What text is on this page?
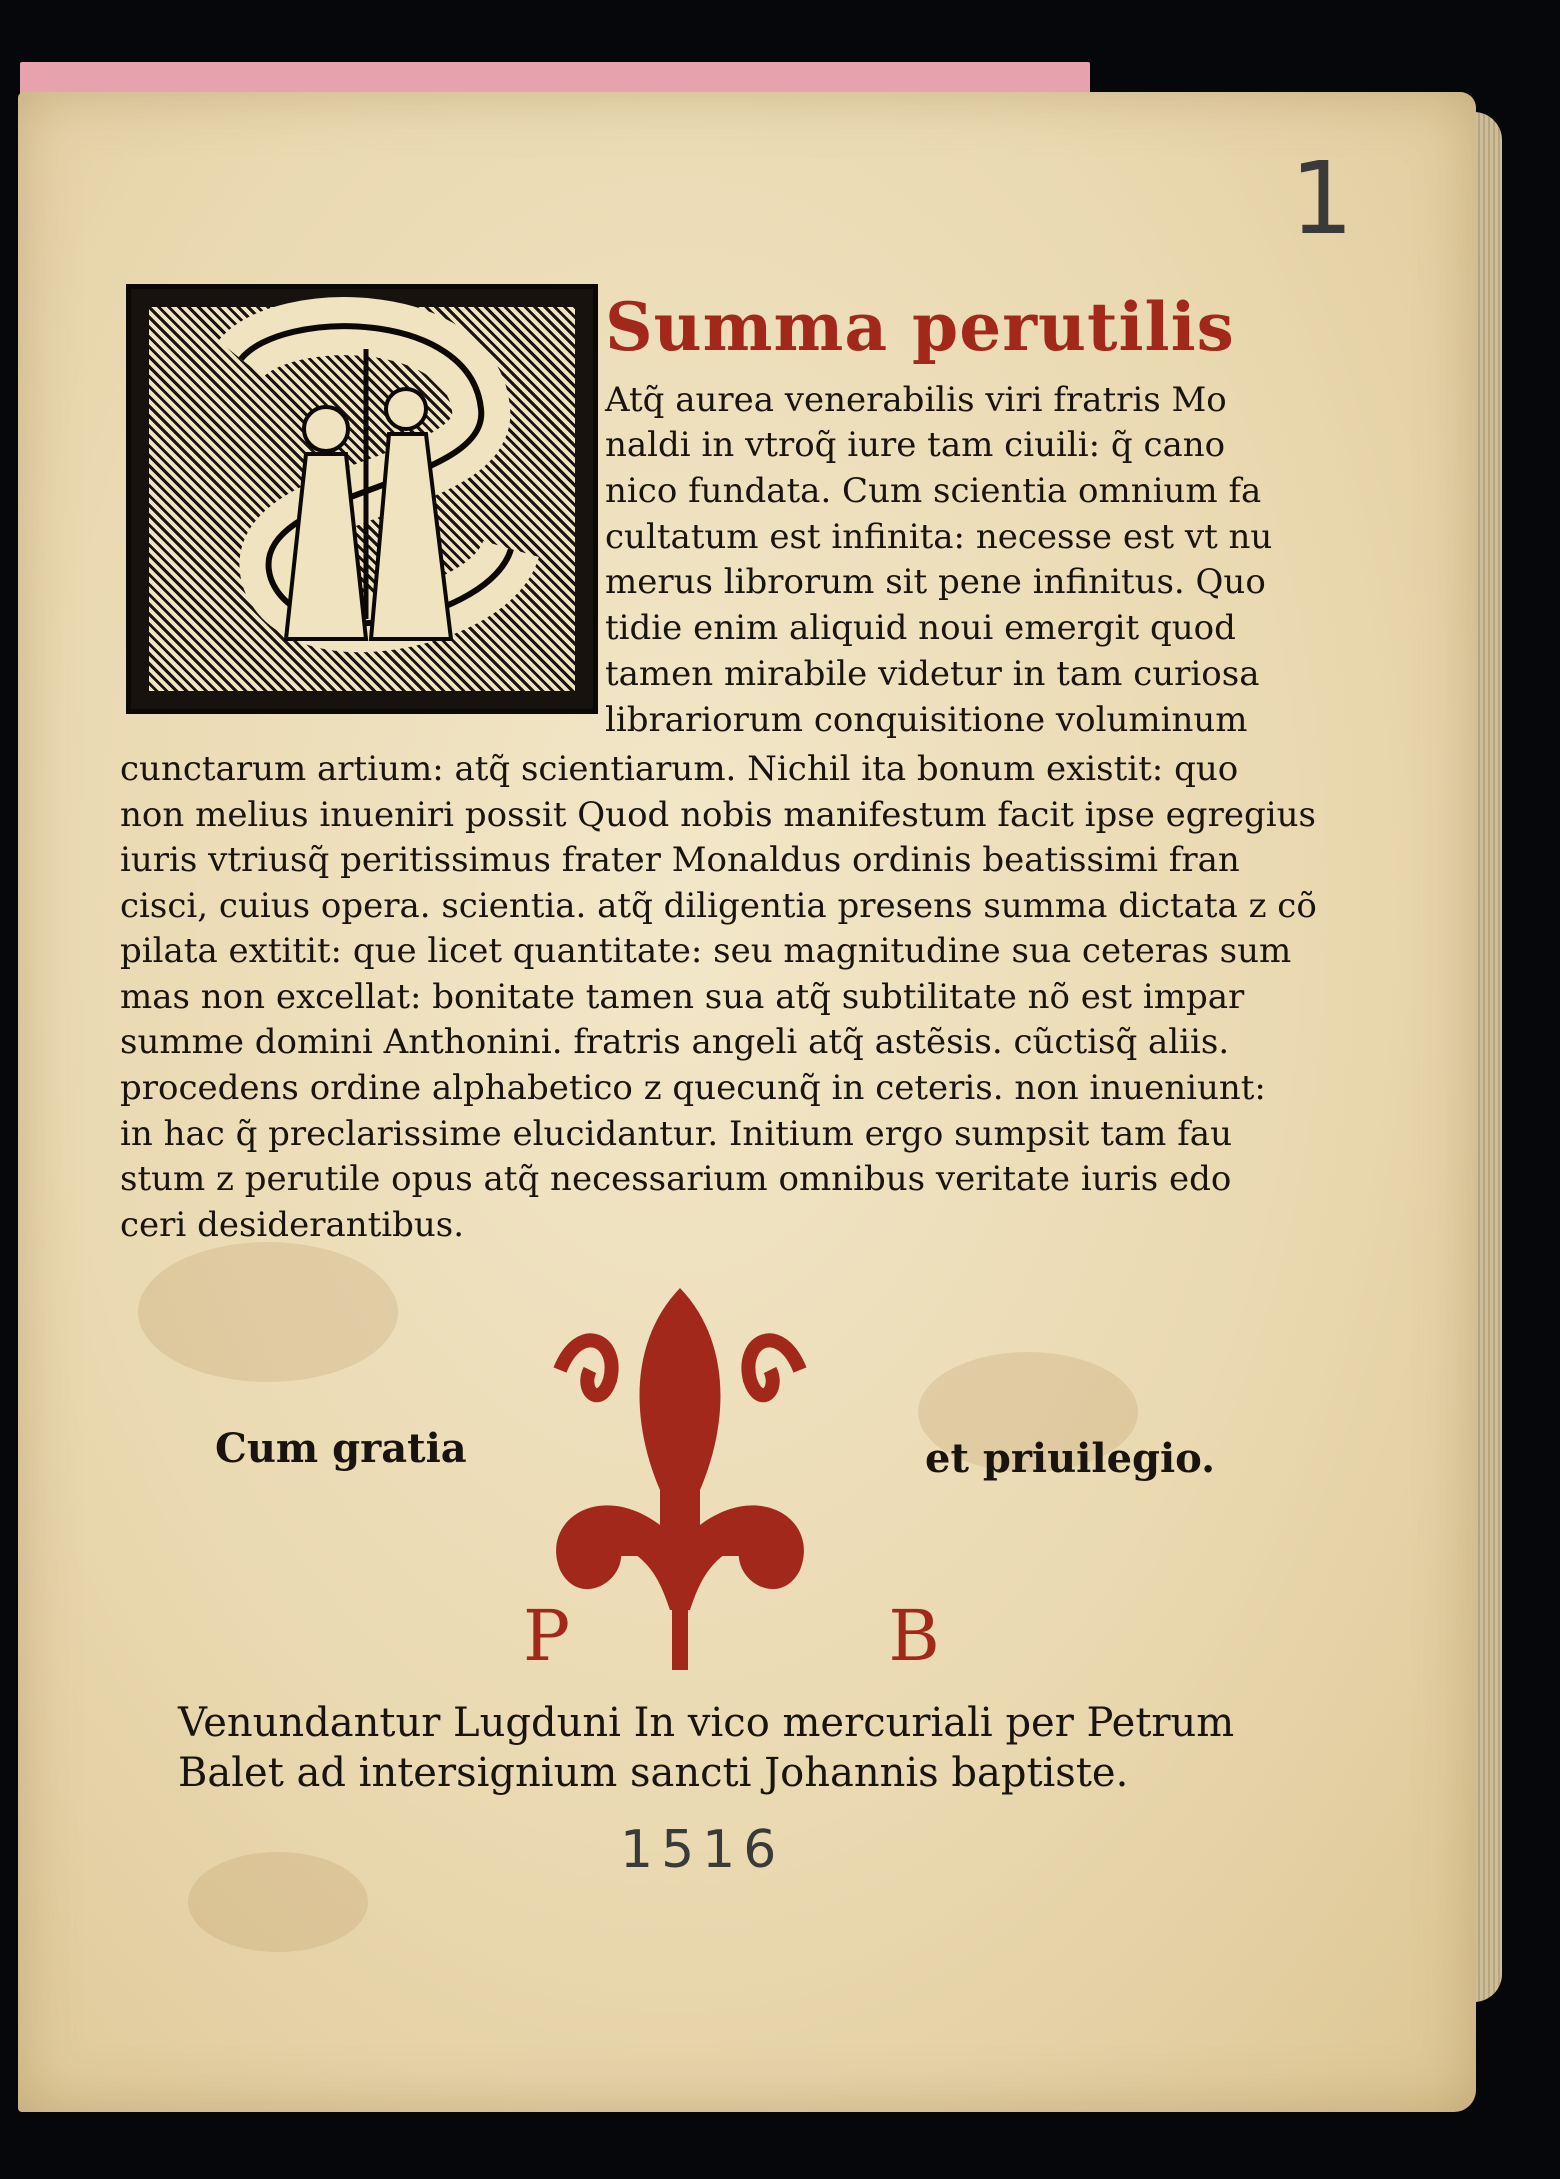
1
Summa perutilis
Atq̃ aurea venerabilis viri fratris Mo
naldi in vtroq̃ iure tam ciuili: q̃ cano
nico fundata. Cum scientia omnium fa
cultatum est infinita: necesse est vt nu
merus librorum sit pene infinitus. Quo
tidie enim aliquid noui emergit quod
tamen mirabile videtur in tam curiosa
librariorum conquisitione voluminum
cunctarum artium: atq̃ scientiarum. Nichil ita bonum existit: quo
non melius inueniri possit Quod nobis manifestum facit ipse egregius
iuris vtriusq̃ peritissimus frater Monaldus ordinis beatissimi fran
cisci, cuius opera. scientia. atq̃ diligentia presens summa dictata z cõ
pilata extitit: que licet quantitate: seu magnitudine sua ceteras sum
mas non excellat: bonitate tamen sua atq̃ subtilitate nõ est impar
summe domini Anthonini. fratris angeli atq̃ astẽsis. cũctisq̃ aliis.
procedens ordine alphabetico z quecunq̃ in ceteris. non inueniunt:
in hac q̃ preclarissime elucidantur. Initium ergo sumpsit tam fau
stum z perutile opus atq̃ necessarium omnibus veritate iuris edo
ceri desiderantibus.
Cum gratia	et priuilegio.
P B
Venundantur Lugduni In vico mercuriali per Petrum
Balet ad intersignium sancti Johannis baptiste.
1516
